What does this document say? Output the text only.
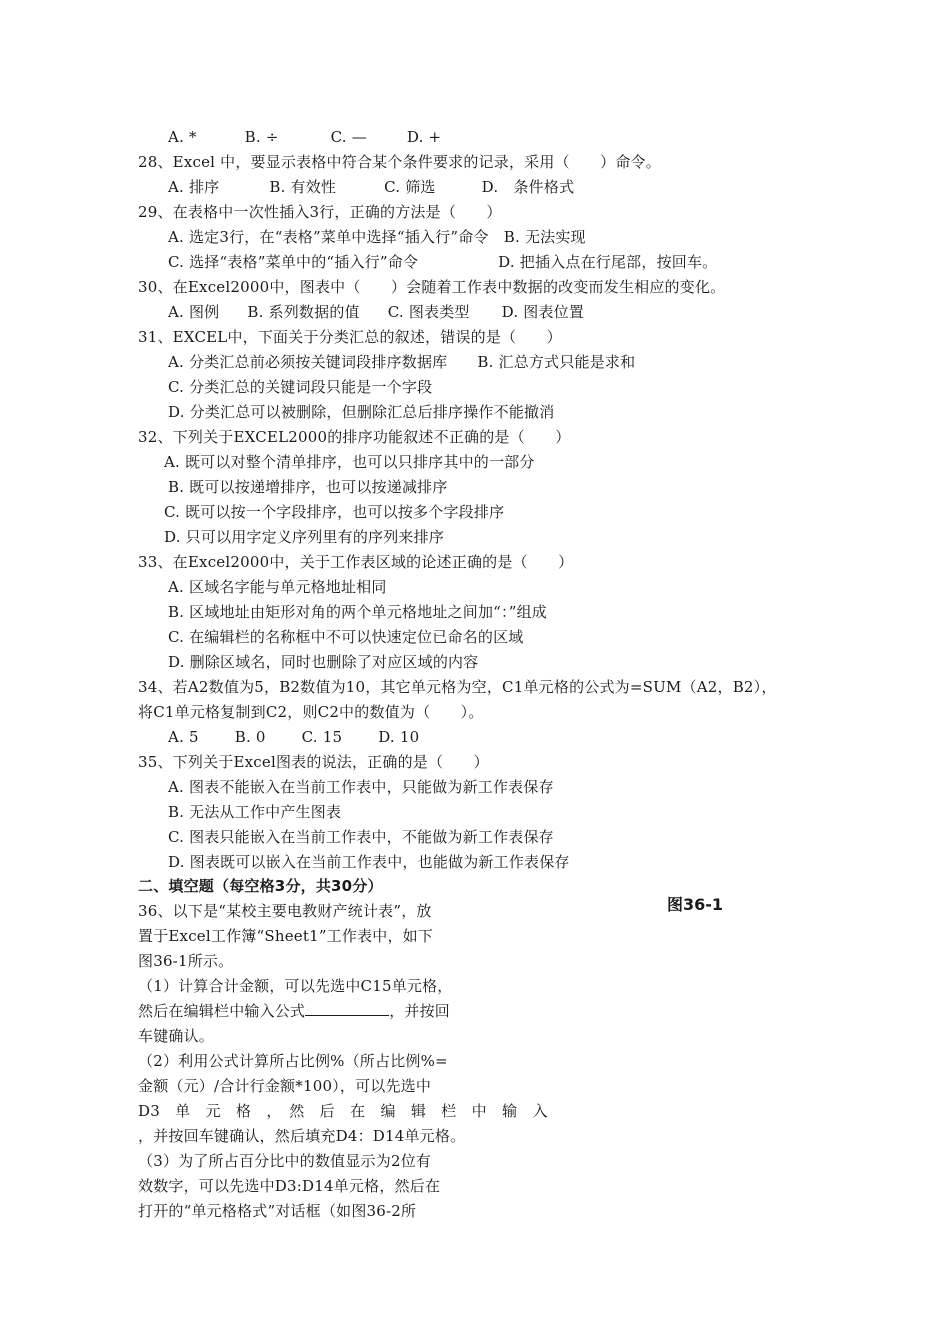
A. *	B. ÷	C. —	D. +
28、Excel 中，要显示表格中符合某个条件要求的记录，采用（　　）命令。
A. 排序	B. 有效性	C. 筛选	D.　条件格式
29、在表格中一次性插入3行，正确的方法是（　　）
A. 选定3行，在“表格”菜单中选择“插入行”命令　B. 无法实现
C. 选择“表格”菜单中的“插入行”命令	D. 把插入点在行尾部，按回车。
30、在Excel2000中，图表中（　　）会随着工作表中数据的改变而发生相应的变化。
A. 图例 B. 系列数据的值 C. 图表类型 D. 图表位置
31、EXCEL中，下面关于分类汇总的叙述，错误的是（　　）
A. 分类汇总前必须按关键词段排序数据库 B. 汇总方式只能是求和
C. 分类汇总的关键词段只能是一个字段
D. 分类汇总可以被删除，但删除汇总后排序操作不能撤消
32、下列关于EXCEL2000的排序功能叙述不正确的是（　　）
A. 既可以对整个清单排序，也可以只排序其中的一部分
B. 既可以按递增排序，也可以按递减排序
C. 既可以按一个字段排序，也可以按多个字段排序
D. 只可以用字定义序列里有的序列来排序
33、在Excel2000中，关于工作表区域的论述正确的是（　　）
A. 区域名字能与单元格地址相同
B. 区域地址由矩形对角的两个单元格地址之间加“：”组成
C. 在编辑栏的名称框中不可以快速定位已命名的区域
D. 删除区域名，同时也删除了对应区域的内容
34、若A2数值为5，B2数值为10，其它单元格为空，C1单元格的公式为=SUM（A2，B2），
将C1单元格复制到C2，则C2中的数值为（　　）。
A. 5 B. 0 C. 15 D. 10
35、下列关于Excel图表的说法，正确的是（　　）
A. 图表不能嵌入在当前工作表中，只能做为新工作表保存
B. 无法从工作中产生图表
C. 图表只能嵌入在当前工作表中，不能做为新工作表保存
D. 图表既可以嵌入在当前工作表中，也能做为新工作表保存
二、填空题（每空格3分，共30分）
图36-1
36、以下是“某校主要电教财产统计表”，放
置于Excel工作簿“Sheet1”工作表中，如下
图36-1所示。
（1）计算合计金额，可以先选中C15单元格，
然后在编辑栏中输入公式	，并按回
车键确认。
（2）利用公式计算所占比例%（所占比例%=
金额（元）/合计行金额*100），可以先选中
D3　单　元　格　，　然　后　在　编　辑　栏　中　输　入
，并按回车键确认，然后填充D4：D14单元格。
（3）为了所占百分比中的数值显示为2位有
效数字，可以先选中D3:D14单元格，然后在
打开的“单元格格式”对话框（如图36-2所
